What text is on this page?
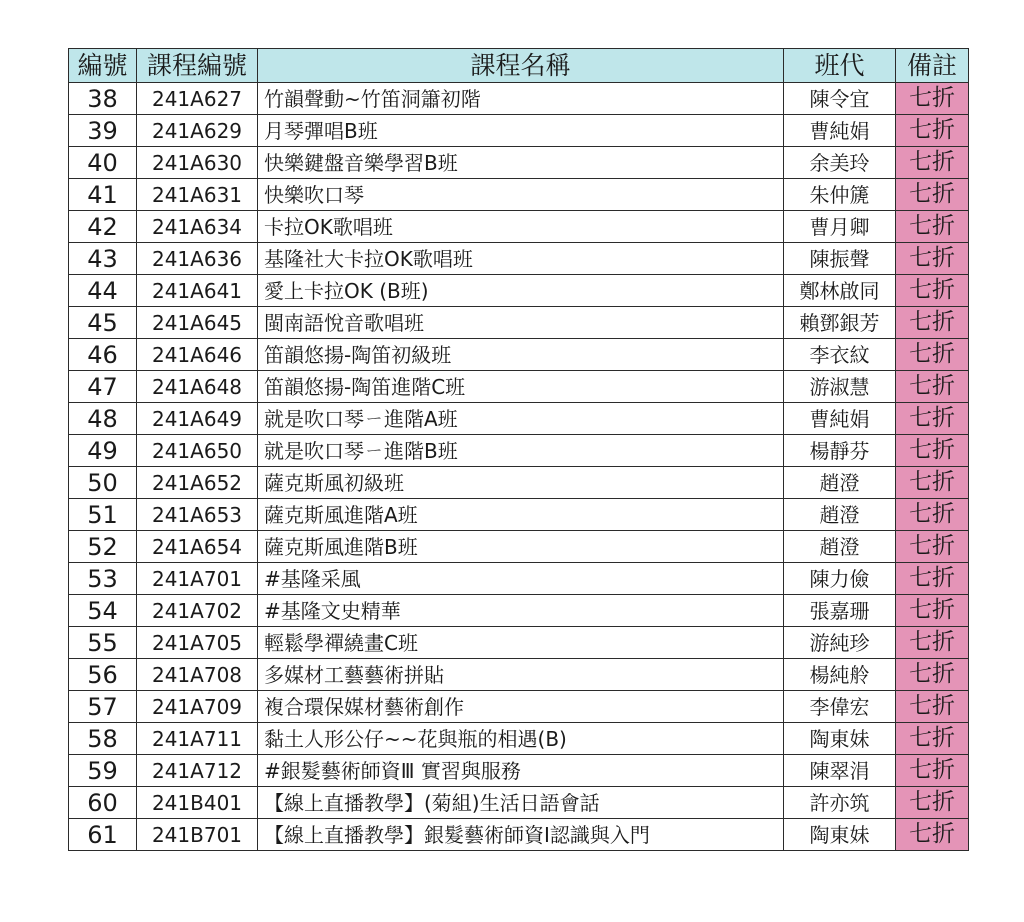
編號	課程編號	課程名稱	班代	備註
38	241A627	竹韻聲動~竹笛洞簫初階	陳令宜	七折
39	241A629	月琴彈唱B班	曹純娟	七折
40	241A630	快樂鍵盤音樂學習B班	余美玲	七折
41	241A631	快樂吹口琴	朱仲篪	七折
42	241A634	卡拉OK歌唱班	曹月卿	七折
43	241A636	基隆社大卡拉OK歌唱班	陳振聲	七折
44	241A641	愛上卡拉OK (B班)	鄭林啟同	七折
45	241A645	閩南語悅音歌唱班	賴鄧銀芳	七折
46	241A646	笛韻悠揚-陶笛初級班	李衣紋	七折
47	241A648	笛韻悠揚-陶笛進階C班	游淑慧	七折
48	241A649	就是吹口琴ㄧ進階A班	曹純娟	七折
49	241A650	就是吹口琴ㄧ進階B班	楊靜芬	七折
50	241A652	薩克斯風初級班	趙澄	七折
51	241A653	薩克斯風進階A班	趙澄	七折
52	241A654	薩克斯風進階B班	趙澄	七折
53	241A701	#基隆采風	陳力儉	七折
54	241A702	#基隆文史精華	張嘉珊	七折
55	241A705	輕鬆學禪繞畫C班	游純珍	七折
56	241A708	多媒材工藝藝術拼貼	楊純舲	七折
57	241A709	複合環保媒材藝術創作	李偉宏	七折
58	241A711	黏土人形公仔~~花與瓶的相遇(B)	陶東妹	七折
59	241A712	#銀髮藝術師資Ⅲ 實習與服務	陳翠涓	七折
60	241B401	【線上直播教學】(菊組)生活日語會話	許亦筑	七折
61	241B701	【線上直播教學】銀髮藝術師資Ⅰ認識與入門	陶東妹	七折
